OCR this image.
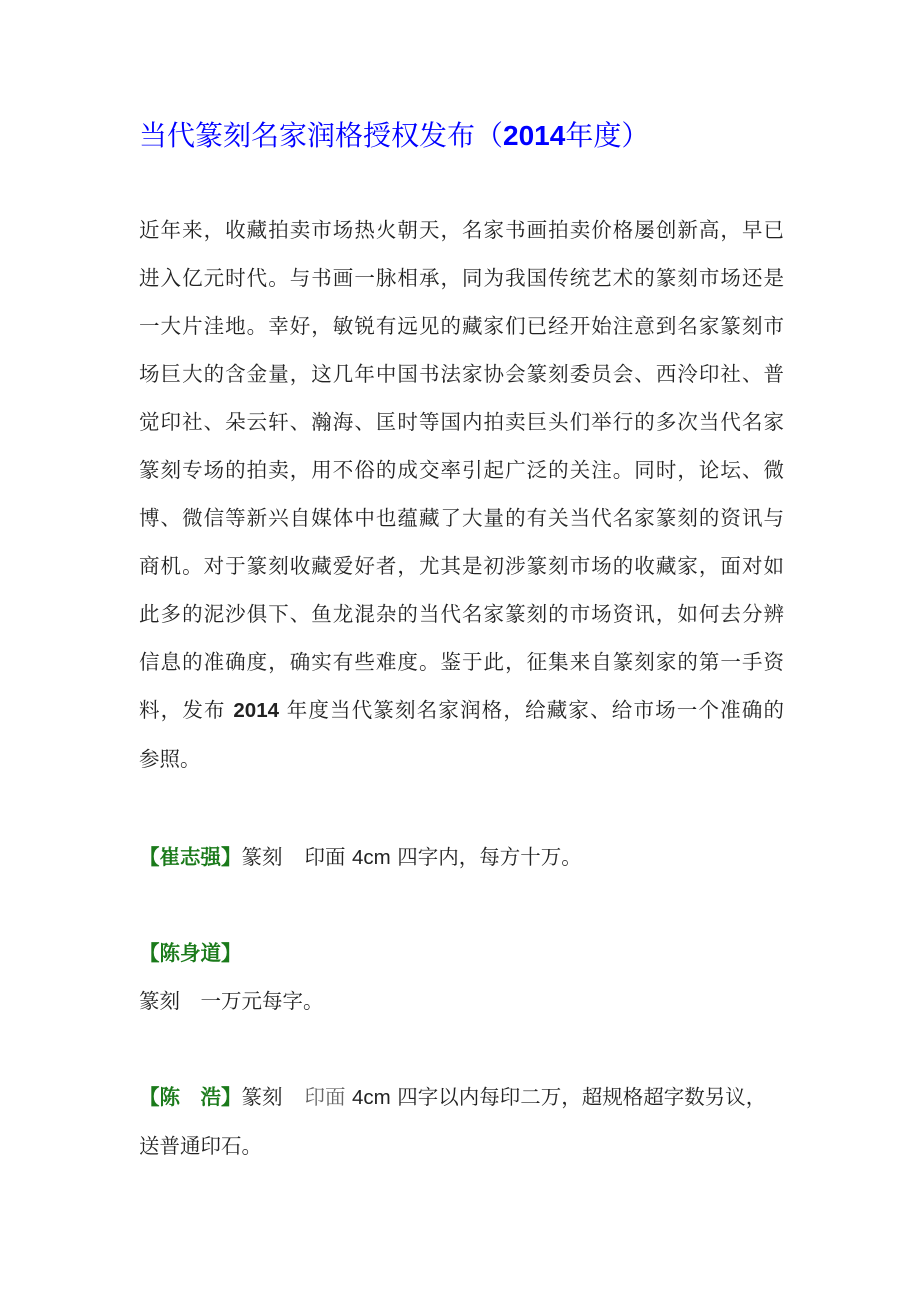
当代篆刻名家润格授权发布（2014年度）
近年来，收藏拍卖市场热火朝天，名家书画拍卖价格屡创新高，早已
进入亿元时代。与书画一脉相承，同为我国传统艺术的篆刻市场还是
一大片洼地。幸好，敏锐有远见的藏家们已经开始注意到名家篆刻市
场巨大的含金量，这几年中国书法家协会篆刻委员会、西泠印社、普
觉印社、朵云轩、瀚海、匡时等国内拍卖巨头们举行的多次当代名家
篆刻专场的拍卖，用不俗的成交率引起广泛的关注。同时，论坛、微
博、微信等新兴自媒体中也蕴藏了大量的有关当代名家篆刻的资讯与
商机。对于篆刻收藏爱好者，尤其是初涉篆刻市场的收藏家，面对如
此多的泥沙俱下、鱼龙混杂的当代名家篆刻的市场资讯，如何去分辨
信息的准确度，确实有些难度。鉴于此，征集来自篆刻家的第一手资
料，发布 2014 年度当代篆刻名家润格，给藏家、给市场一个准确的
参照。
【崔志强】篆刻 印面 4cm 四字内，每方十万。
【陈身道】
篆刻　一万元每字。
【陈　浩】篆刻 印面 4cm 四字以内每印二万，超规格超字数另议，
送普通印石。
